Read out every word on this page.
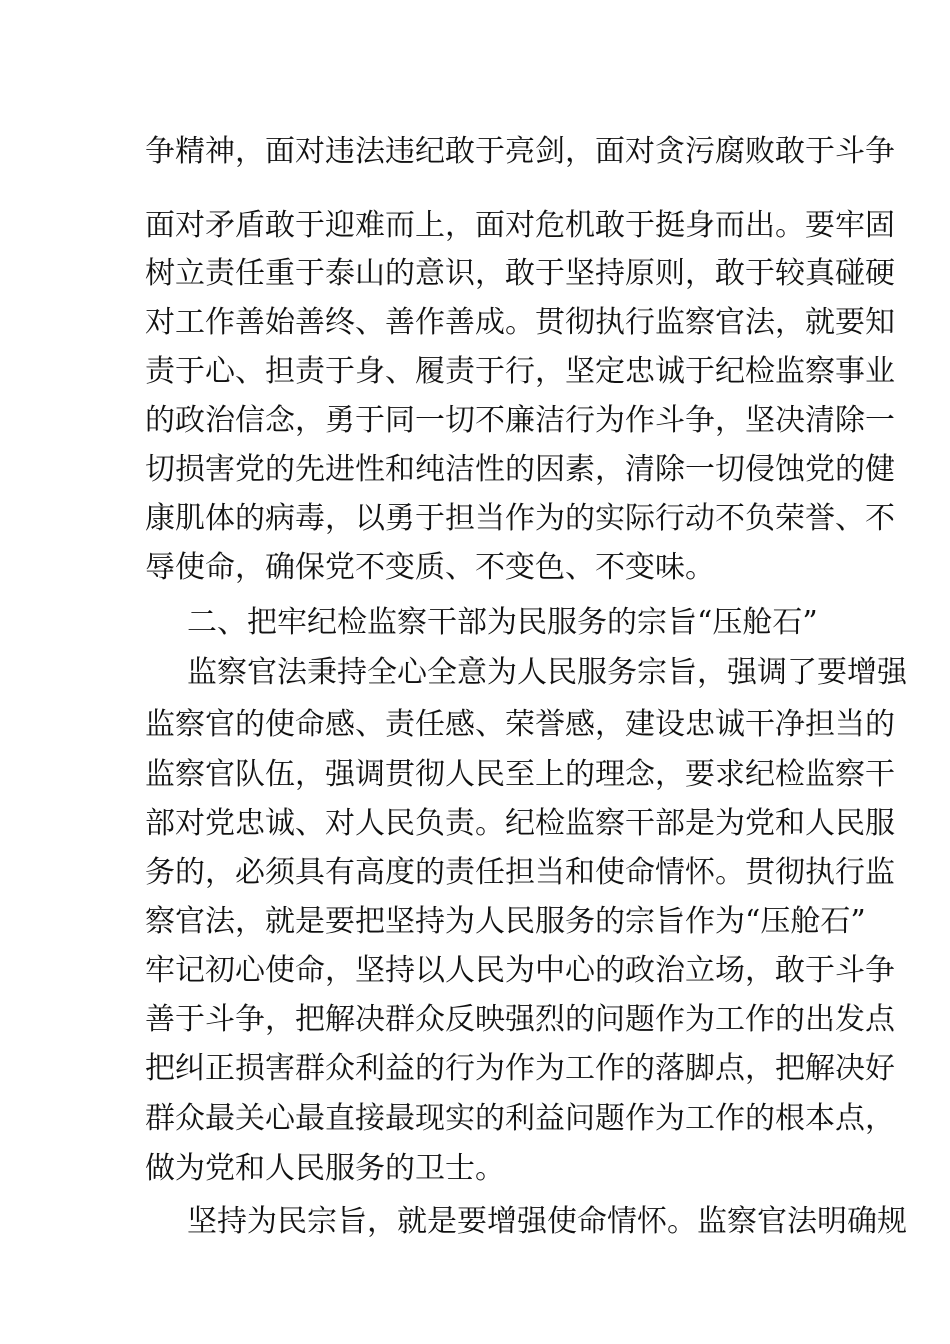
争精神，面对违法违纪敢于亮剑，面对贪污腐败敢于斗争
面对矛盾敢于迎难而上，面对危机敢于挺身而出。要牢固
树立责任重于泰山的意识，敢于坚持原则，敢于较真碰硬
对工作善始善终、善作善成。贯彻执行监察官法，就要知
责于心、担责于身、履责于行，坚定忠诚于纪检监察事业
的政治信念，勇于同一切不廉洁行为作斗争，坚决清除一
切损害党的先进性和纯洁性的因素，清除一切侵蚀党的健
康肌体的病毒，以勇于担当作为的实际行动不负荣誉、不
辱使命，确保党不变质、不变色、不变味。
二、把牢纪检监察干部为民服务的宗旨“压舱石”
监察官法秉持全心全意为人民服务宗旨，强调了要增强
监察官的使命感、责任感、荣誉感，建设忠诚干净担当的
监察官队伍，强调贯彻人民至上的理念，要求纪检监察干
部对党忠诚、对人民负责。纪检监察干部是为党和人民服
务的，必须具有高度的责任担当和使命情怀。贯彻执行监
察官法，就是要把坚持为人民服务的宗旨作为“压舱石”
牢记初心使命，坚持以人民为中心的政治立场，敢于斗争
善于斗争，把解决群众反映强烈的问题作为工作的出发点
把纠正损害群众利益的行为作为工作的落脚点，把解决好
群众最关心最直接最现实的利益问题作为工作的根本点，
做为党和人民服务的卫士。
坚持为民宗旨，就是要增强使命情怀。监察官法明确规
